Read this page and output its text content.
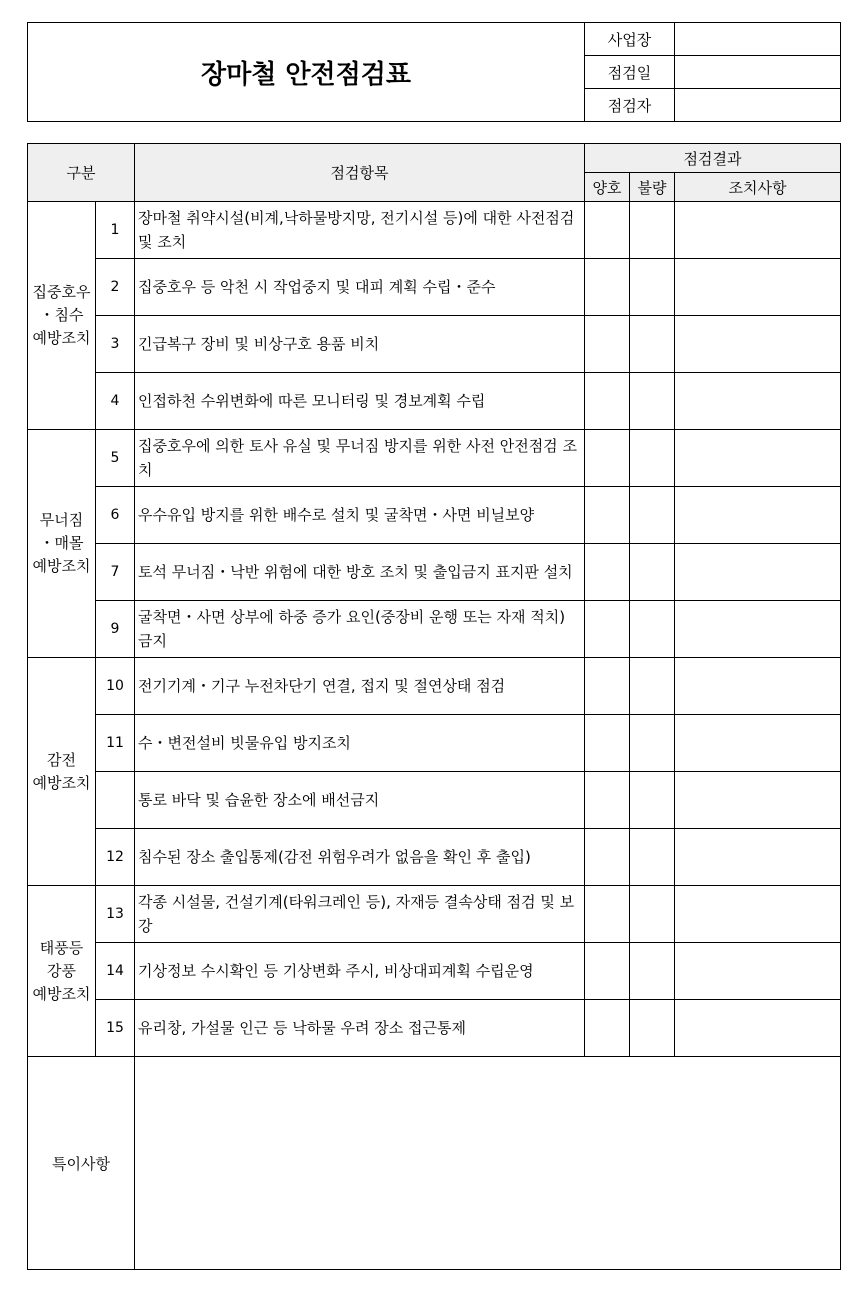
장마철 안전점검표	사업장	
	점검일	
	점검자	
구분		점검항목	점검결과		
			양호	불량	조치사항
집중호우
・침수
예방조치	1	장마철 취약시설(비계,낙하물방지망, 전기시설 등)에 대한 사전점검 및 조치			
	2	집중호우 등 악천 시 작업중지 및 대피 계획 수립・준수			
	3	긴급복구 장비 및 비상구호 용품 비치			
	4	인접하천 수위변화에 따른 모니터링 및 경보계획 수립			
무너짐
・매몰
예방조치	5	집중호우에 의한 토사 유실 및 무너짐 방지를 위한 사전 안전점검 조치			
	6	우수유입 방지를 위한 배수로 설치 및 굴착면・사면 비닐보양			
	7	토석 무너짐・낙반 위험에 대한 방호 조치 및 출입금지 표지판 설치			
	9	굴착면・사면 상부에 하중 증가 요인(중장비 운행 또는 자재 적치) 금지			
감전
예방조치	10	전기기계・기구 누전차단기 연결, 접지 및 절연상태 점검			
	11	수・변전설비 빗물유입 방지조치			
		통로 바닥 및 습윤한 장소에 배선금지			
	12	침수된 장소 출입통제(감전 위험우려가 없음을 확인 후 출입)			
태풍등
강풍
예방조치	13	각종 시설물, 건설기계(타워크레인 등), 자재등 결속상태 점검 및 보강			
	14	기상정보 수시확인 등 기상변화 주시, 비상대피계획 수립운영			
	15	유리창, 가설물 인근 등 낙하물 우려 장소 접근통제			
특이사항					
